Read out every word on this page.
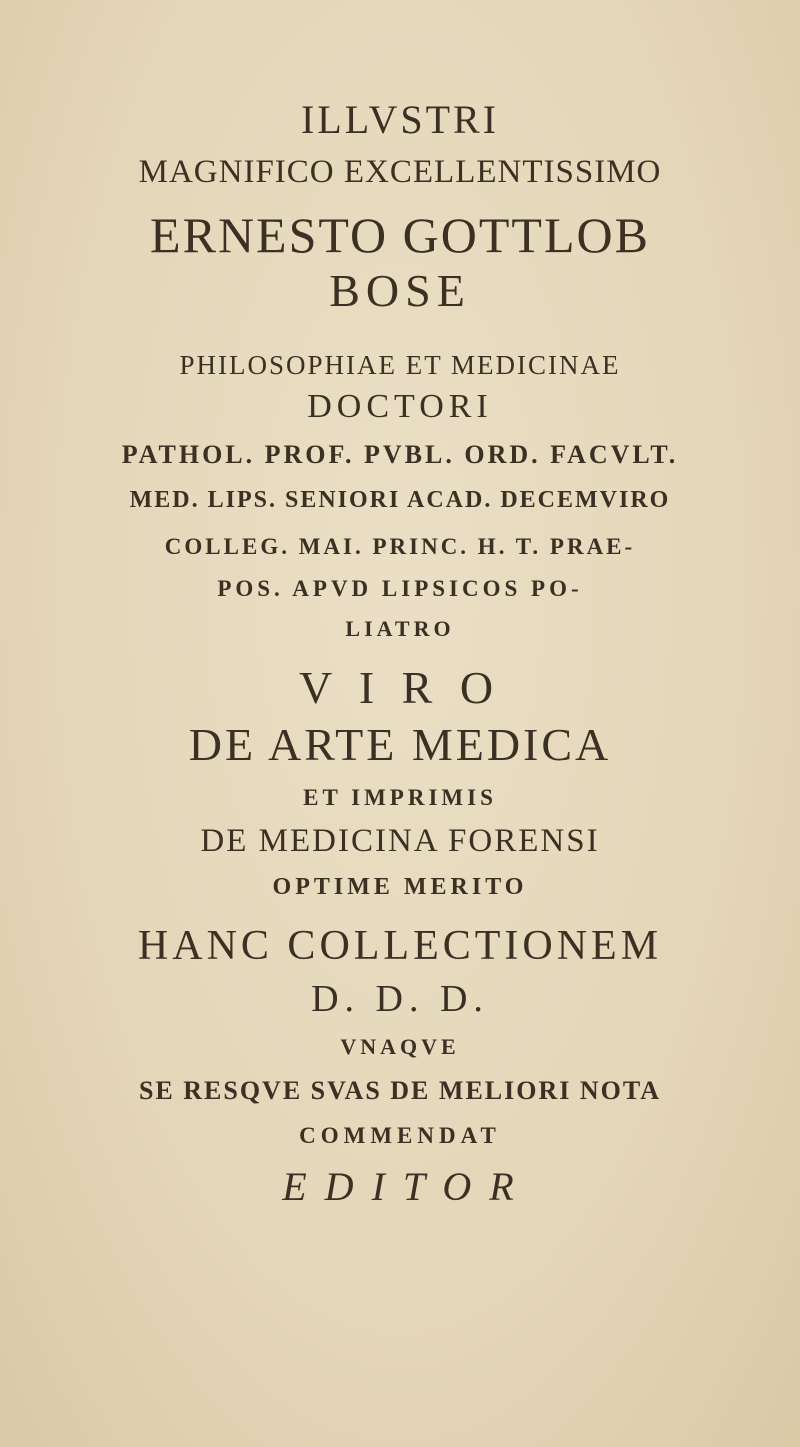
ILLVSTRI
MAGNIFICO EXCELLENTISSIMO
ERNESTO GOTTLOB
BOSE
PHILOSOPHIAE ET MEDICINAE
DOCTORI
PATHOL. PROF. PVBL. ORD. FACVLT.
MED. LIPS. SENIORI ACAD. DECEMVIRO
COLLEG. MAI. PRINC. H. T. PRAE-
POS. APVD LIPSICOS PO-
LIATRO
V I R O
DE ARTE MEDICA
ET IMPRIMIS
DE MEDICINA FORENSI
OPTIME MERITO
HANC COLLECTIONEM
D. D. D.
VNAQVE
SE RESQVE SVAS DE MELIORI NOTA
COMMENDAT
E D I T O R
